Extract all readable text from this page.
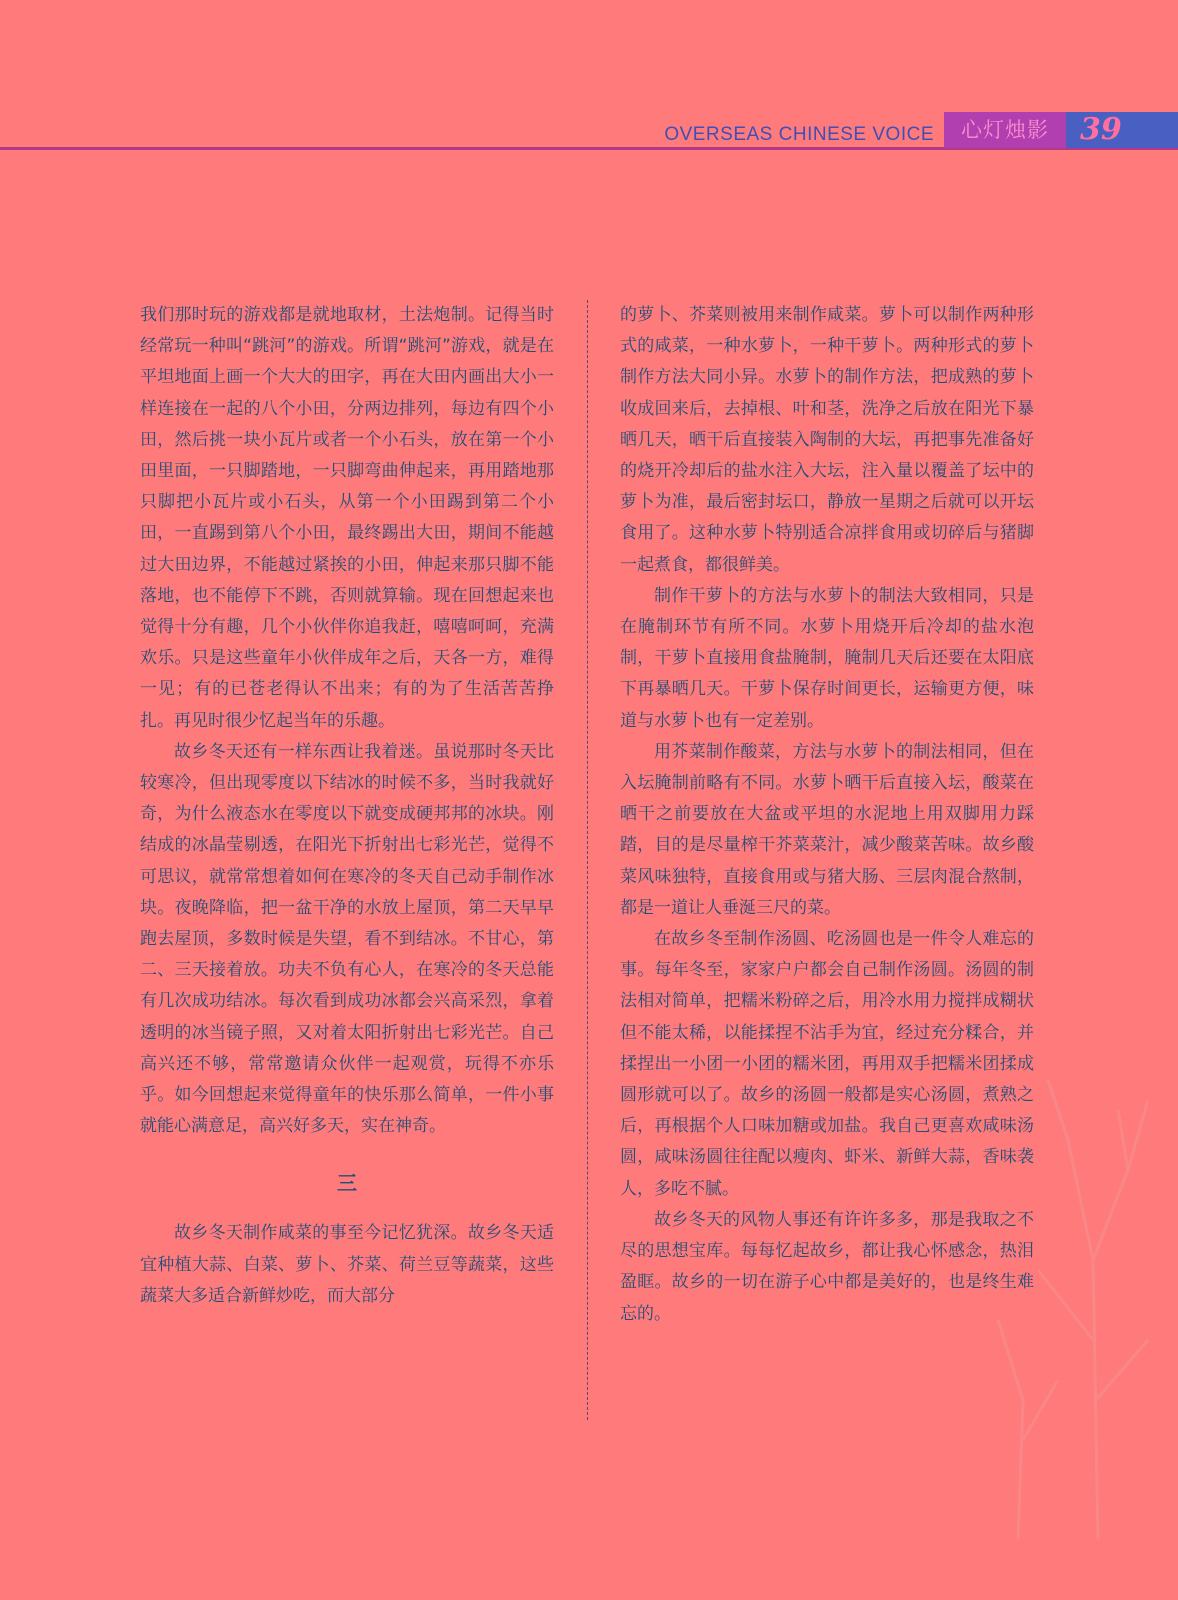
OVERSEAS CHINESE VOICE	心灯烛影	39

我们那时玩的游戏都是就地取材，土法炮制。记得当时经常玩一种叫“跳河”的游戏。所谓“跳河”游戏，就是在平坦地面上画一个大大的田字，再在大田内画出大小一样连接在一起的八个小田，分两边排列，每边有四个小田，然后挑一块小瓦片或者一个小石头，放在第一个小田里面，一只脚踏地，一只脚弯曲伸起来，再用踏地那只脚把小瓦片或小石头，从第一个小田踢到第二个小田，一直踢到第八个小田，最终踢出大田，期间不能越过大田边界，不能越过紧挨的小田，伸起来那只脚不能落地，也不能停下不跳，否则就算输。现在回想起来也觉得十分有趣，几个小伙伴你追我赶，嘻嘻呵呵，充满欢乐。只是这些童年小伙伴成年之后，天各一方，难得一见；有的已苍老得认不出来；有的为了生活苦苦挣扎。再见时很少忆起当年的乐趣。

故乡冬天还有一样东西让我着迷。虽说那时冬天比较寒冷，但出现零度以下结冰的时候不多，当时我就好奇，为什么液态水在零度以下就变成硬邦邦的冰块。刚结成的冰晶莹剔透，在阳光下折射出七彩光芒，觉得不可思议，就常常想着如何在寒冷的冬天自己动手制作冰块。夜晚降临，把一盆干净的水放上屋顶，第二天早早跑去屋顶，多数时候是失望，看不到结冰。不甘心，第二、三天接着放。功夫不负有心人，在寒冷的冬天总能有几次成功结冰。每次看到成功冰都会兴高采烈，拿着透明的冰当镜子照，又对着太阳折射出七彩光芒。自己高兴还不够，常常邀请众伙伴一起观赏，玩得不亦乐乎。如今回想起来觉得童年的快乐那么简单，一件小事就能心满意足，高兴好多天，实在神奇。

三

故乡冬天制作咸菜的事至今记忆犹深。故乡冬天适宜种植大蒜、白菜、萝卜、芥菜、荷兰豆等蔬菜，这些蔬菜大多适合新鲜炒吃，而大部分

的萝卜、芥菜则被用来制作咸菜。萝卜可以制作两种形式的咸菜，一种水萝卜，一种干萝卜。两种形式的萝卜制作方法大同小异。水萝卜的制作方法，把成熟的萝卜收成回来后，去掉根、叶和茎，洗净之后放在阳光下暴晒几天，晒干后直接装入陶制的大坛，再把事先准备好的烧开冷却后的盐水注入大坛，注入量以覆盖了坛中的萝卜为准，最后密封坛口，静放一星期之后就可以开坛食用了。这种水萝卜特别适合凉拌食用或切碎后与猪脚一起煮食，都很鲜美。

制作干萝卜的方法与水萝卜的制法大致相同，只是在腌制环节有所不同。水萝卜用烧开后冷却的盐水泡制，干萝卜直接用食盐腌制，腌制几天后还要在太阳底下再暴晒几天。干萝卜保存时间更长，运输更方便，味道与水萝卜也有一定差别。

用芥菜制作酸菜，方法与水萝卜的制法相同，但在入坛腌制前略有不同。水萝卜晒干后直接入坛，酸菜在晒干之前要放在大盆或平坦的水泥地上用双脚用力踩踏，目的是尽量榨干芥菜菜汁，减少酸菜苦味。故乡酸菜风味独特，直接食用或与猪大肠、三层肉混合熬制，都是一道让人垂涎三尺的菜。

在故乡冬至制作汤圆、吃汤圆也是一件令人难忘的事。每年冬至，家家户户都会自己制作汤圆。汤圆的制法相对简单，把糯米粉碎之后，用冷水用力搅拌成糊状但不能太稀，以能揉捏不沾手为宜，经过充分糅合，并揉捏出一小团一小团的糯米团，再用双手把糯米团揉成圆形就可以了。故乡的汤圆一般都是实心汤圆，煮熟之后，再根据个人口味加糖或加盐。我自己更喜欢咸味汤圆，咸味汤圆往往配以瘦肉、虾米、新鲜大蒜，香味袭人，多吃不腻。

故乡冬天的风物人事还有许许多多，那是我取之不尽的思想宝库。每每忆起故乡，都让我心怀感念，热泪盈眶。故乡的一切在游子心中都是美好的，也是终生难忘的。
